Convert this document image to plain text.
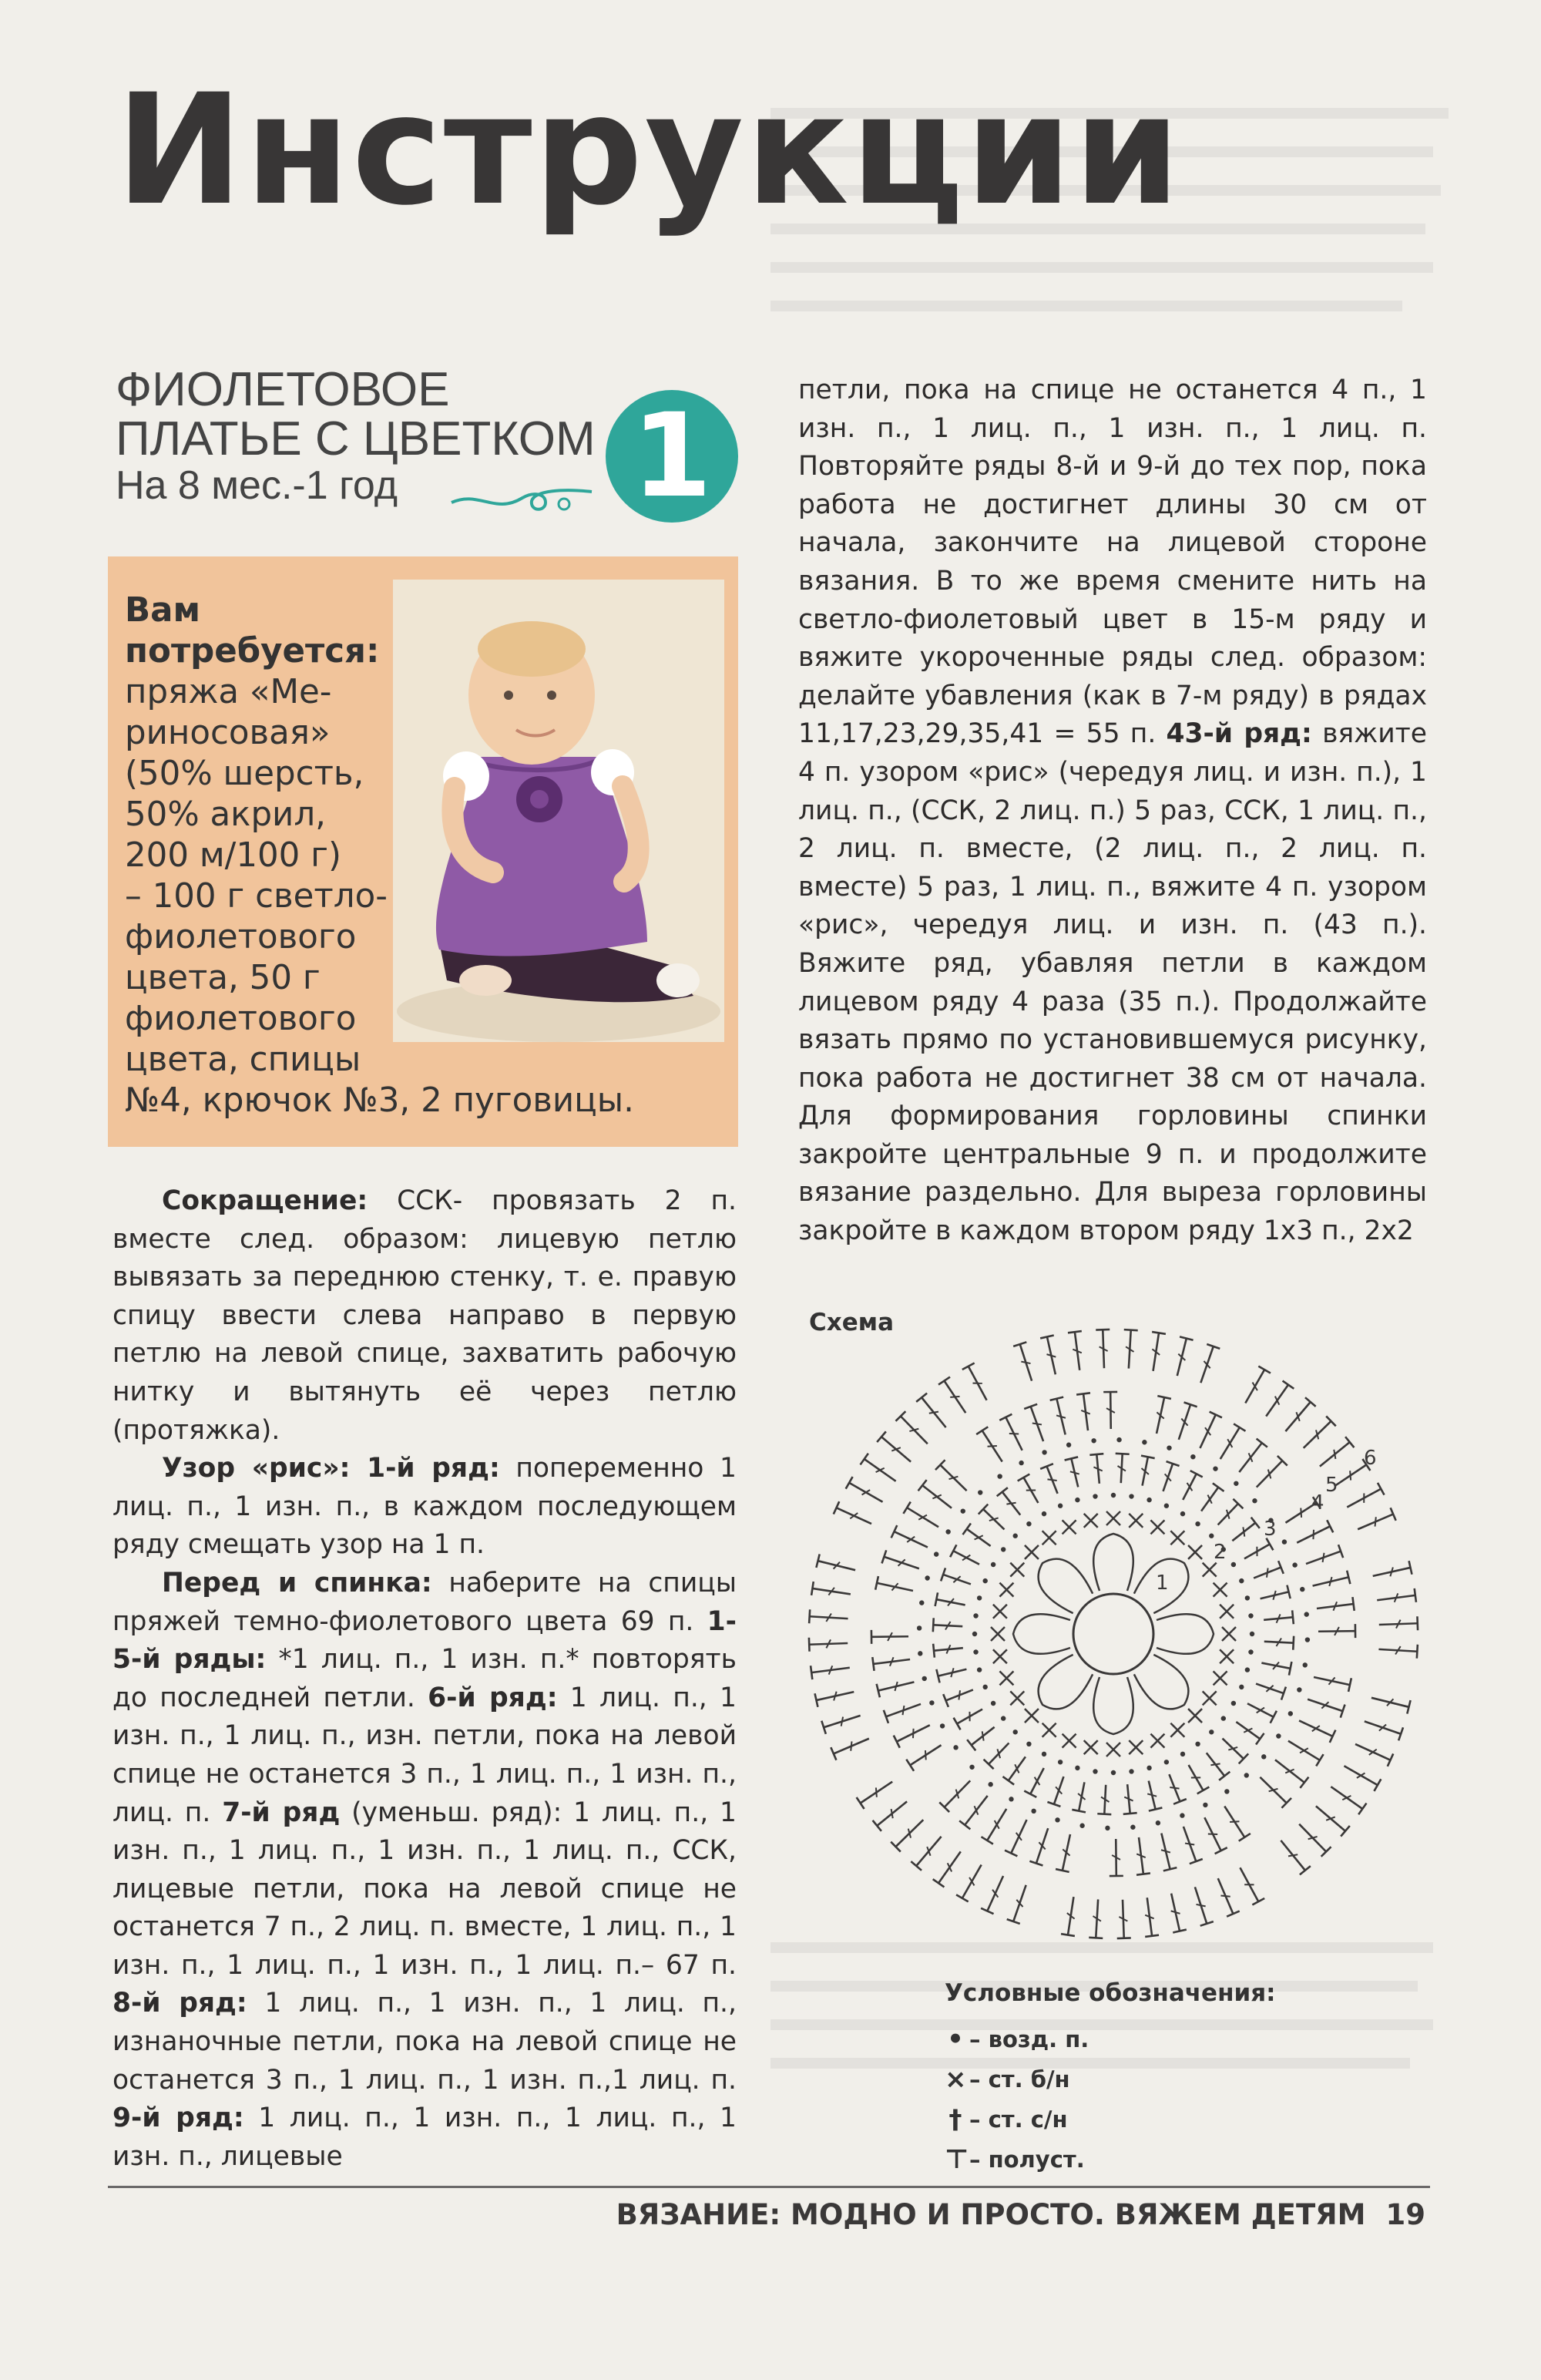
Инструкции
ФИОЛЕТОВОЕ
ПЛАТЬЕ С ЦВЕТКОМ
На 8 мес.-1 год	1
Вам
потребуется:
пряжа «Ме-
риносовая»
(50% шерсть,
50% акрил,
200 м/100 г)
– 100 г светло-
фиолетового
цвета, 50 г
фиолетового
цвета, спицы
№4, крючок №3, 2 пуговицы.

Сокращение: ССК- провязать 2 п. вместе след. образом: лицевую петлю вывязать за переднюю стенку, т. е. правую спицу ввести слева направо в первую петлю на левой спице, захватить рабочую нитку и вытянуть её через петлю (протяжка).

Узор «рис»: 1-й ряд: попеременно 1 лиц. п., 1 изн. п., в каждом последующем ряду смещать узор на 1 п.

Перед и спинка: наберите на спицы пряжей темно-фиолетового цвета 69 п. 1-5-й ряды: *1 лиц. п., 1 изн. п.* повторять до последней петли. 6-й ряд: 1 лиц. п., 1 изн. п., 1 лиц. п., изн. петли, пока на левой спице не останется 3 п., 1 лиц. п., 1 изн. п., лиц. п. 7-й ряд (уменьш. ряд): 1 лиц. п., 1 изн. п., 1 лиц. п., 1 изн. п., 1 лиц. п., ССК, лицевые петли, пока на левой спице не останется 7 п., 2 лиц. п. вместе, 1 лиц. п., 1 изн. п., 1 лиц. п., 1 изн. п., 1 лиц. п.– 67 п. 8-й ряд: 1 лиц. п., 1 изн. п., 1 лиц. п., изнаночные петли, пока на левой спице не останется 3 п., 1 лиц. п., 1 изн. п.,1 лиц. п. 9-й ряд: 1 лиц. п., 1 изн. п., 1 лиц. п., 1 изн. п., лицевые

петли, пока на спице не останется 4 п., 1 изн. п., 1 лиц. п., 1 изн. п., 1 лиц. п. Повторяйте ряды 8-й и 9-й до тех пор, пока работа не достигнет длины 30 см от начала, закончите на лицевой стороне вязания. В то же время смените нить на светло-фиолетовый цвет в 15-м ряду и вяжите укороченные ряды след. образом: делайте убавления (как в 7-м ряду) в рядах 11,17,23,29,35,41 = 55 п. 43-й ряд: вяжите 4 п. узором «рис» (чередуя лиц. и изн. п.), 1 лиц. п., (ССК, 2 лиц. п.) 5 раз, ССК, 1 лиц. п., 2 лиц. п. вместе, (2 лиц. п., 2 лиц. п. вместе) 5 раз, 1 лиц. п., вяжите 4 п. узором «рис», чередуя лиц. и изн. п. (43 п.). Вяжите ряд, убавляя петли в каждом лицевом ряду 4 раза (35 п.). Продолжайте вязать прямо по установившемуся рисунку, пока работа не достигнет 38 см от начала. Для формирования горловины спинки закройте центральные 9 п. и продолжите вязание раздельно. Для выреза горловины закройте в каждом втором ряду 1х3 п., 2х2

Схема
1
2
3
4
5
6
Условные обозначения:
• – возд. п.
× – ст. б/н
† – ст. с/н
⊤ – полуст.
ВЯЗАНИЕ: МОДНО И ПРОСТО. ВЯЖЕМ ДЕТЯМ 19
